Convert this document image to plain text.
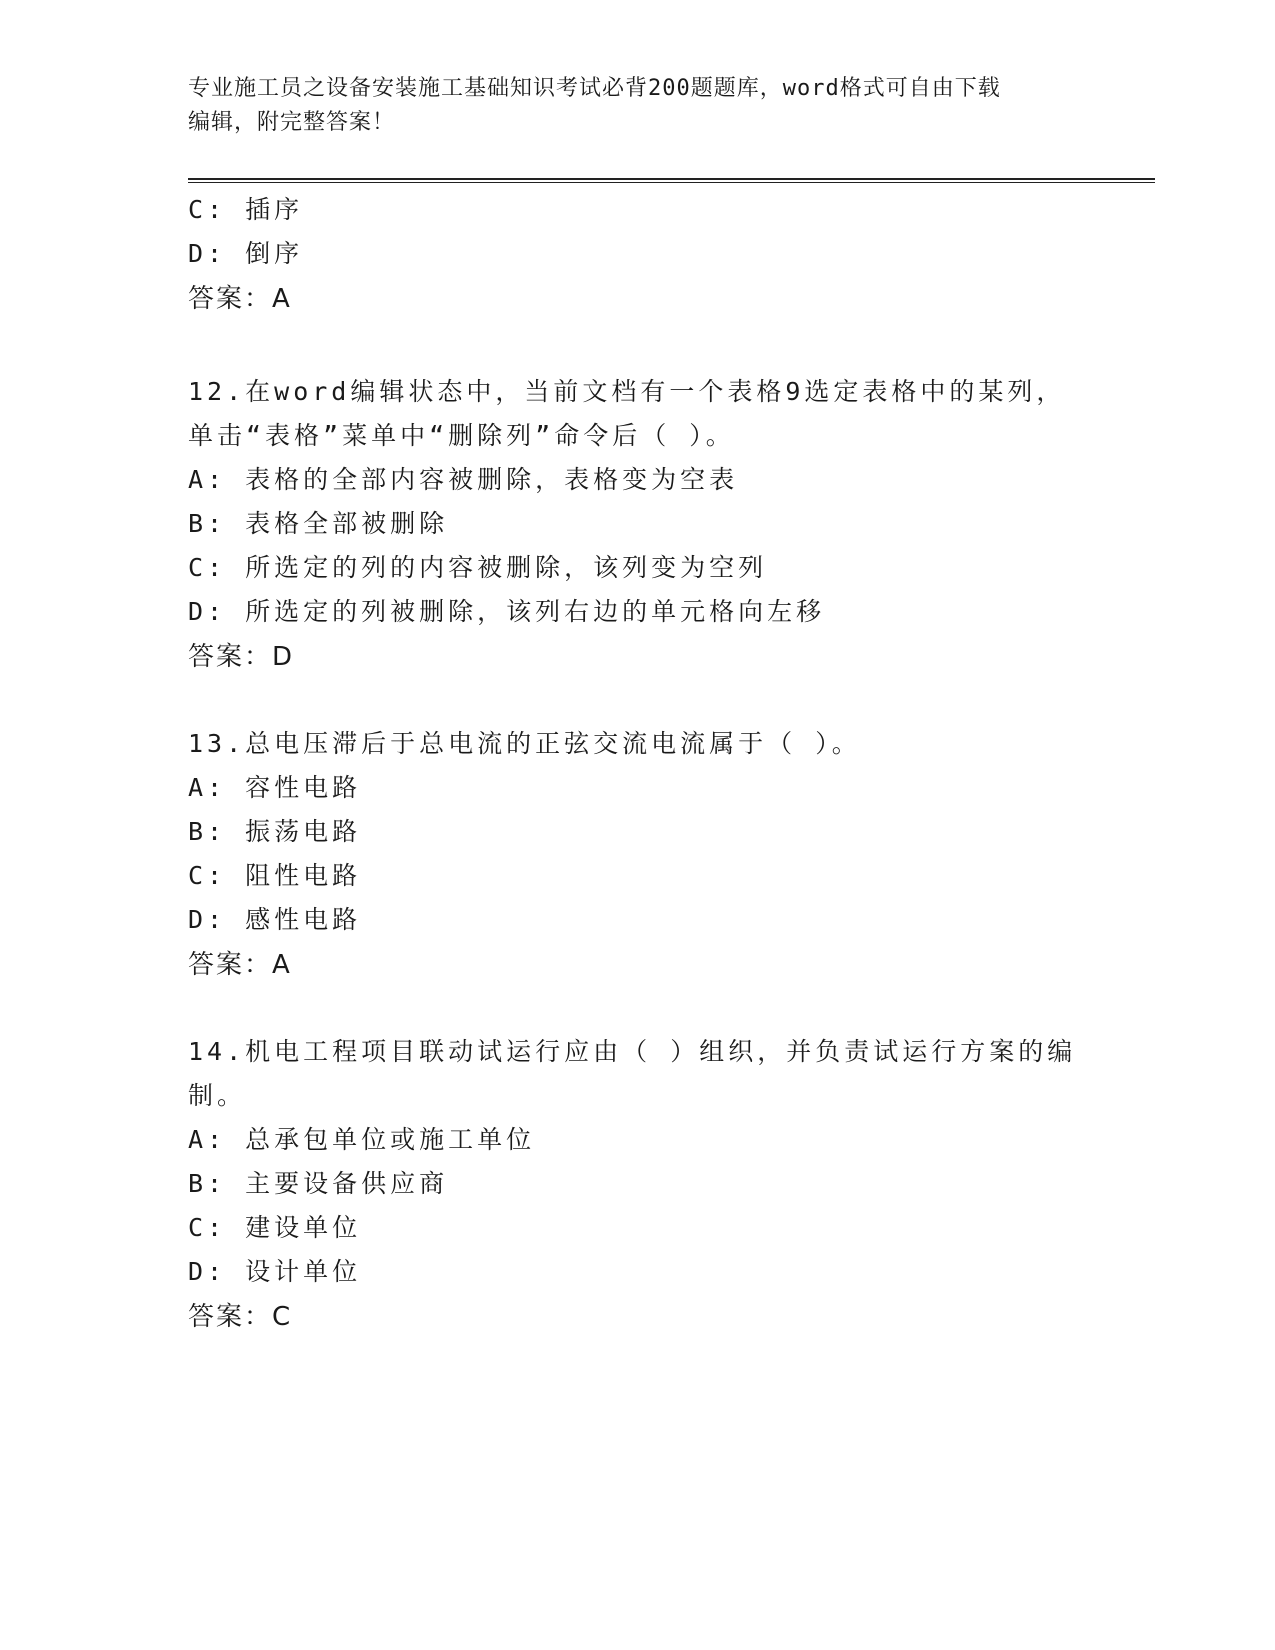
专业施工员之设备安装施工基础知识考试必背200题题库，word格式可自由下载
编辑，附完整答案！
C: 插序
D: 倒序
答案：A
12.在word编辑状态中，当前文档有一个表格9选定表格中的某列，
单击“表格”菜单中“删除列”命令后（ ）。
A: 表格的全部内容被删除，表格变为空表
B: 表格全部被删除
C: 所选定的列的内容被删除，该列变为空列
D: 所选定的列被删除，该列右边的单元格向左移
答案：D
13.总电压滞后于总电流的正弦交流电流属于（ ）。
A: 容性电路
B: 振荡电路
C: 阻性电路
D: 感性电路
答案：A
14.机电工程项目联动试运行应由（ ）组织，并负责试运行方案的编
制。
A: 总承包单位或施工单位
B: 主要设备供应商
C: 建设单位
D: 设计单位
答案：C
